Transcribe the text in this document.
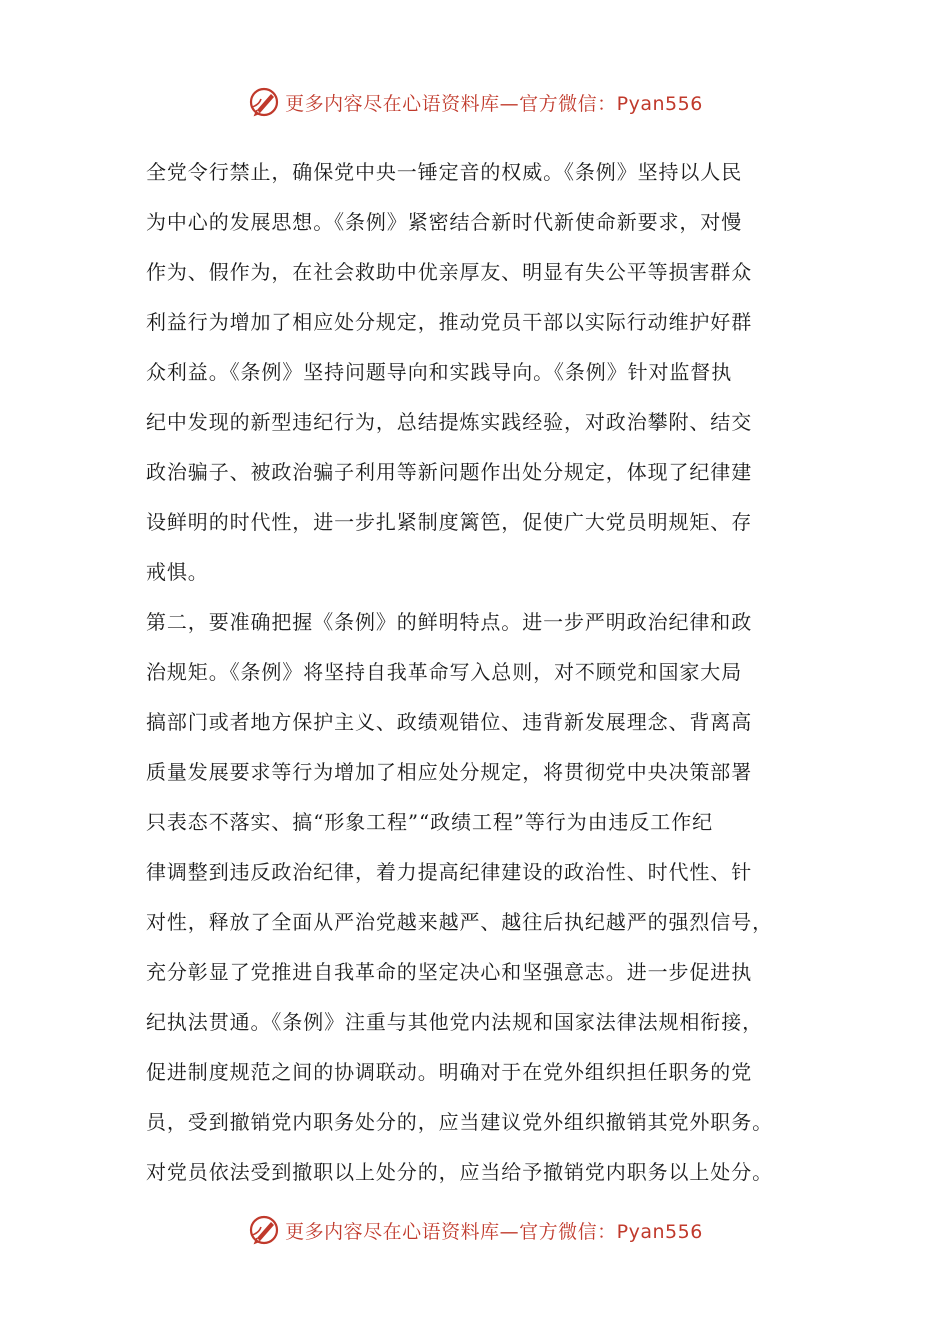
更多内容尽在心语资料库—官方微信：Pyan556
全党令行禁止，确保党中央一锤定音的权威。《条例》坚持以人民
为中心的发展思想。《条例》紧密结合新时代新使命新要求，对慢
作为、假作为，在社会救助中优亲厚友、明显有失公平等损害群众
利益行为增加了相应处分规定，推动党员干部以实际行动维护好群
众利益。《条例》坚持问题导向和实践导向。《条例》针对监督执
纪中发现的新型违纪行为，总结提炼实践经验，对政治攀附、结交
政治骗子、被政治骗子利用等新问题作出处分规定，体现了纪律建
设鲜明的时代性，进一步扎紧制度篱笆，促使广大党员明规矩、存
戒惧。
第二，要准确把握《条例》的鲜明特点。进一步严明政治纪律和政
治规矩。《条例》将坚持自我革命写入总则，对不顾党和国家大局
搞部门或者地方保护主义、政绩观错位、违背新发展理念、背离高
质量发展要求等行为增加了相应处分规定，将贯彻党中央决策部署
只表态不落实、搞“形象工程”“政绩工程”等行为由违反工作纪
律调整到违反政治纪律，着力提高纪律建设的政治性、时代性、针
对性，释放了全面从严治党越来越严、越往后执纪越严的强烈信号，
充分彰显了党推进自我革命的坚定决心和坚强意志。进一步促进执
纪执法贯通。《条例》注重与其他党内法规和国家法律法规相衔接，
促进制度规范之间的协调联动。明确对于在党外组织担任职务的党
员，受到撤销党内职务处分的，应当建议党外组织撤销其党外职务。
对党员依法受到撤职以上处分的，应当给予撤销党内职务以上处分。
更多内容尽在心语资料库—官方微信：Pyan556
